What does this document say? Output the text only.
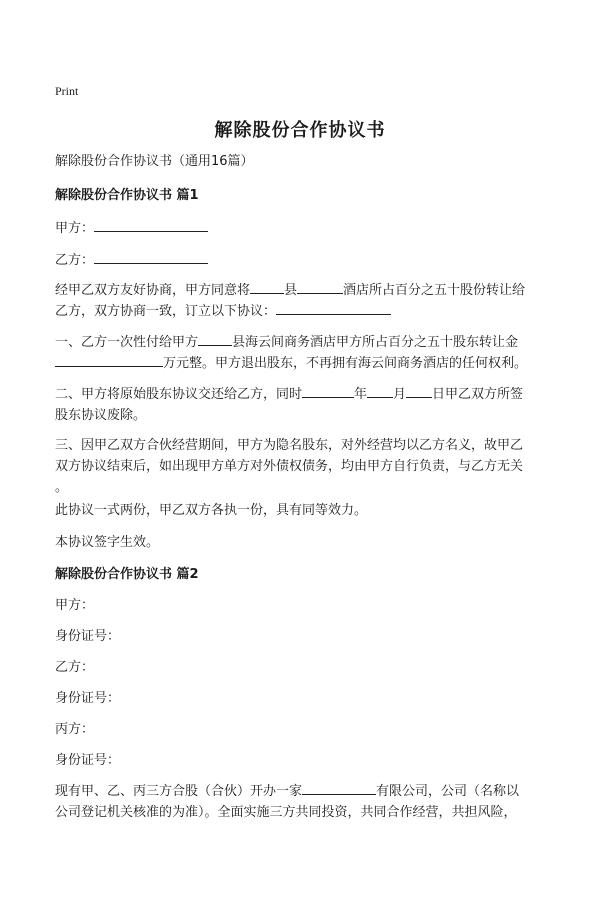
Print
解除股份合作协议书
解除股份合作协议书（通用16篇）
解除股份合作协议书 篇1
甲方：
乙方：
经甲乙双方友好协商，甲方同意将	县	酒店所占百分之五十股份转让给
乙方，双方协商一致，订立以下协议：
一、乙方一次性付给甲方	县海云间商务酒店甲方所占百分之五十股东转让金
万元整。甲方退出股东，不再拥有海云间商务酒店的任何权利。
二、甲方将原始股东协议交还给乙方，同时	年 月 日甲乙双方所签
股东协议废除。
三、因甲乙双方合伙经营期间，甲方为隐名股东，对外经营均以乙方名义，故甲乙
双方协议结束后，如出现甲方单方对外债权债务，均由甲方自行负责，与乙方无关
。
此协议一式两份，甲乙双方各执一份，具有同等效力。
本协议签字生效。
解除股份合作协议书 篇2
甲方：
身份证号：
乙方：
身份证号：
丙方：
身份证号：
现有甲、乙、丙三方合股（合伙）开办一家	有限公司，公司（名称以
公司登记机关核准的为准）。全面实施三方共同投资，共同合作经营，共担风险，
